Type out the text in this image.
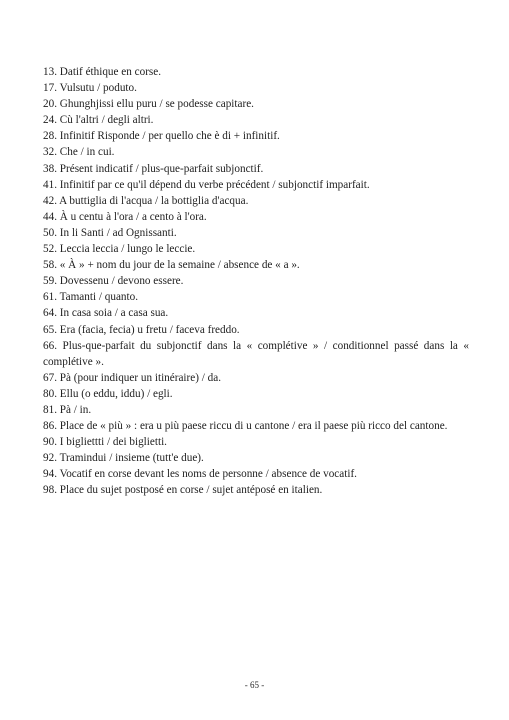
13. Datif éthique en corse.
17. Vulsutu / poduto.
20. Ghunghjissi ellu puru / se podesse capitare.
24. Cù l'altri / degli altri.
28. Infinitif Risponde / per quello che è di + infinitif.
32. Che / in cui.
38. Présent indicatif / plus-que-parfait subjonctif.
41. Infinitif par ce qu'il dépend du verbe précédent / subjonctif imparfait.
42. A buttiglia di l'acqua / la bottiglia d'acqua.
44. À u centu à l'ora / a cento à l'ora.
50. In li Santi / ad Ognissanti.
52. Leccia leccia / lungo le leccie.
58. « À » + nom du jour de la semaine / absence de « a ».
59. Dovessenu / devono essere.
61. Tamanti / quanto.
64. In casa soia / a casa sua.
65. Era (facia, fecia) u fretu / faceva freddo.
66. Plus-que-parfait du subjonctif dans la « complétive » / conditionnel passé dans la « complétive ».
67. Pà (pour indiquer un itinéraire) / da.
80. Ellu (o eddu, iddu) / egli.
81. Pà / in.
86. Place de « più » : era u più paese riccu di u cantone / era il paese più ricco del cantone.
90. I bigliettti / dei biglietti.
92. Tramindui / insieme (tutt'e due).
94. Vocatif en corse devant les noms de personne / absence de vocatif.
98. Place du sujet postposé en corse / sujet antéposé en italien.
- 65 -
